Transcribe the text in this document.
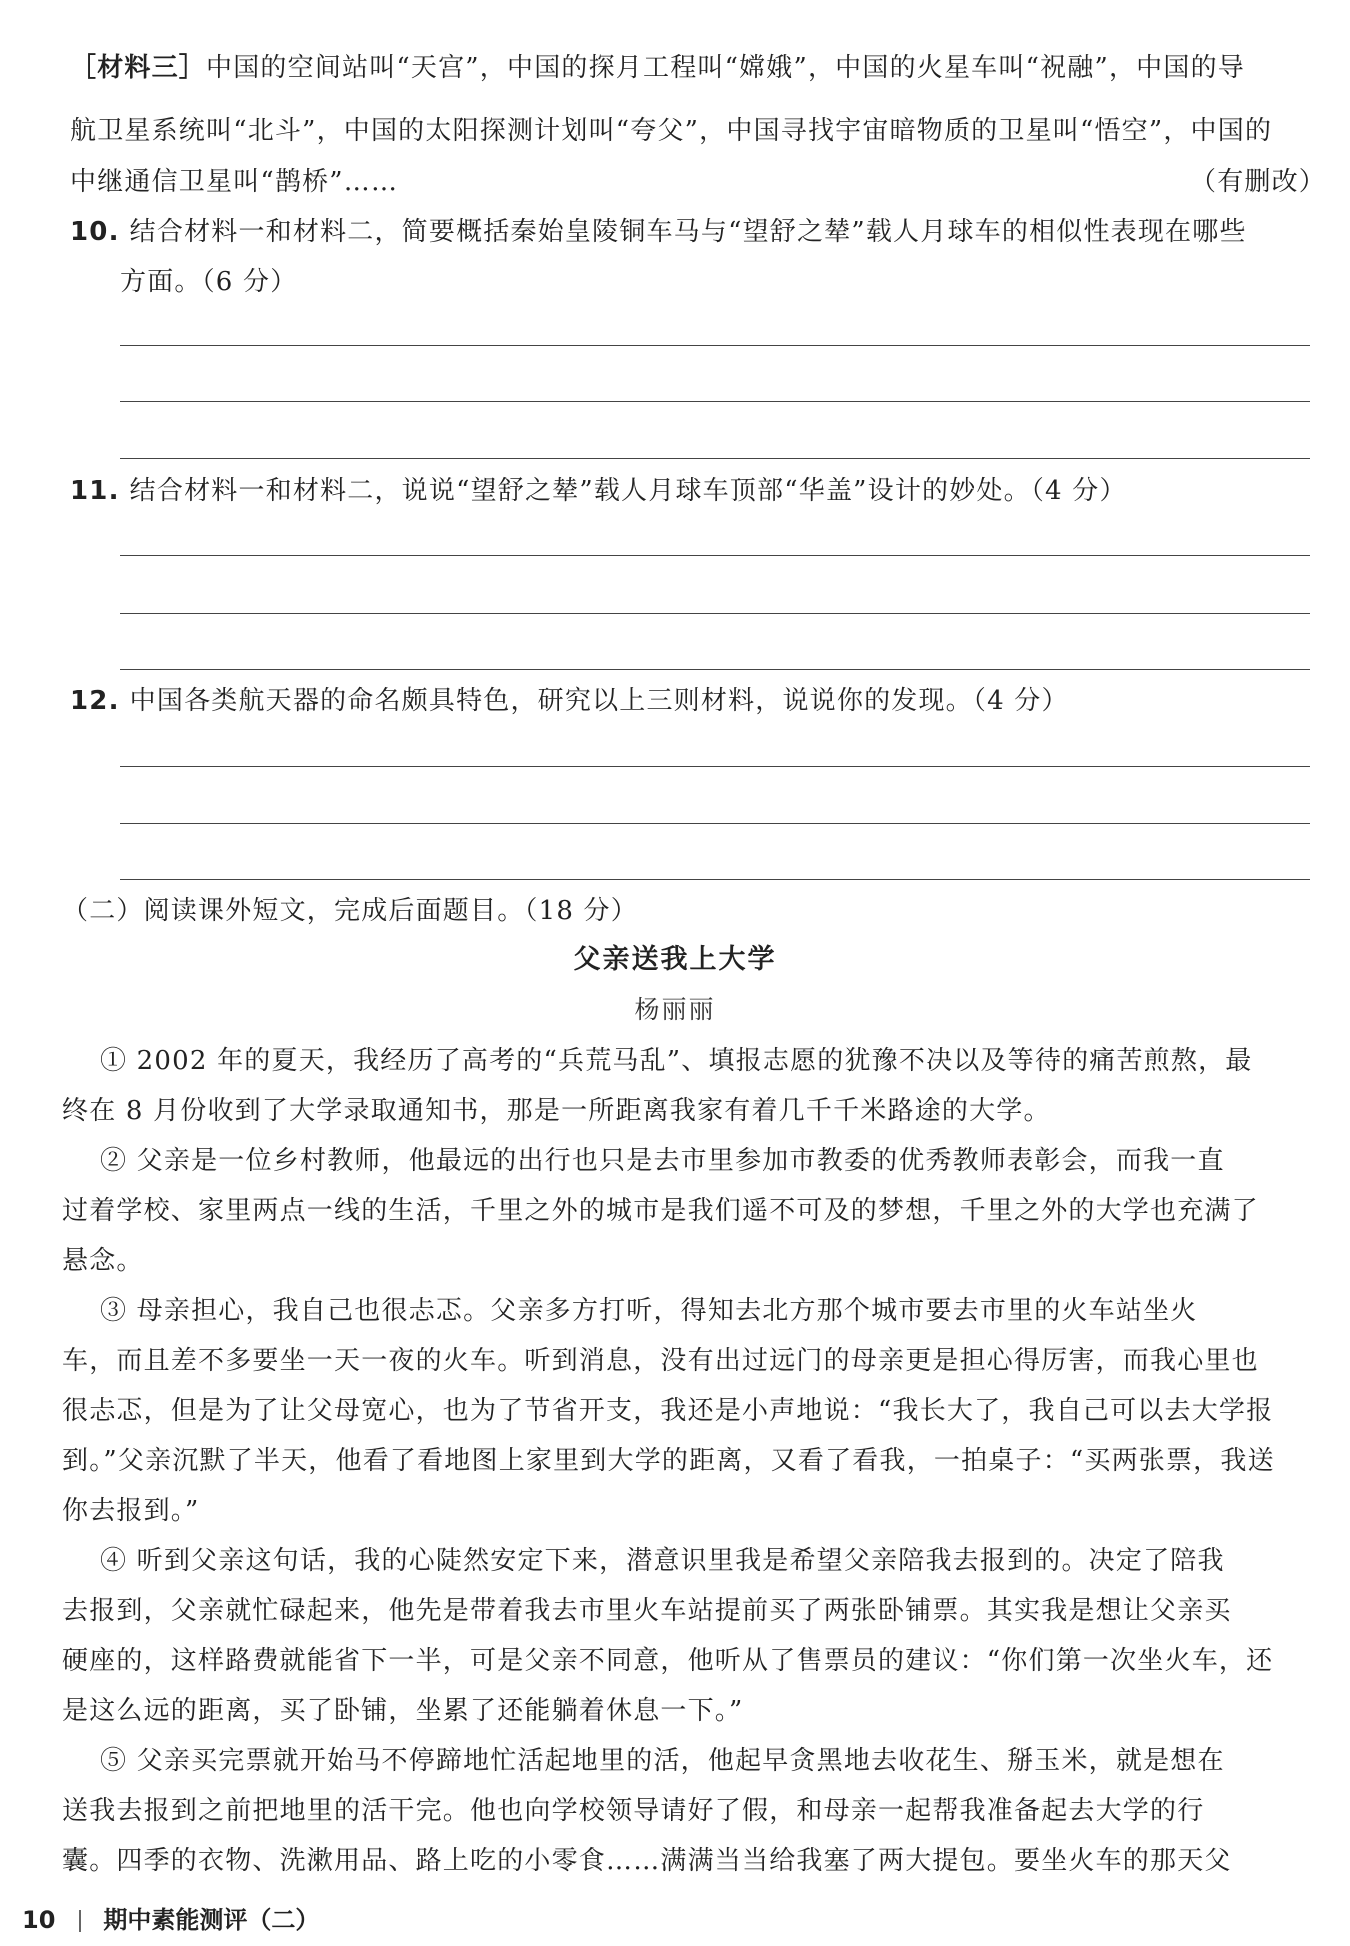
［材料三］中国的空间站叫“天宫”，中国的探月工程叫“嫦娥”，中国的火星车叫“祝融”，中国的导
航卫星系统叫“北斗”，中国的太阳探测计划叫“夸父”，中国寻找宇宙暗物质的卫星叫“悟空”，中国的
中继通信卫星叫“鹊桥”……	（有删改）
10. 结合材料一和材料二，简要概括秦始皇陵铜车马与“望舒之辇”载人月球车的相似性表现在哪些
方面。（6 分）
11. 结合材料一和材料二，说说“望舒之辇”载人月球车顶部“华盖”设计的妙处。（4 分）
12. 中国各类航天器的命名颇具特色，研究以上三则材料，说说你的发现。（4 分）
（二）阅读课外短文，完成后面题目。（18 分）
父亲送我上大学
杨丽丽
① 2002 年的夏天，我经历了高考的“兵荒马乱”、填报志愿的犹豫不决以及等待的痛苦煎熬，最
终在 8 月份收到了大学录取通知书，那是一所距离我家有着几千千米路途的大学。
② 父亲是一位乡村教师，他最远的出行也只是去市里参加市教委的优秀教师表彰会，而我一直
过着学校、家里两点一线的生活，千里之外的城市是我们遥不可及的梦想，千里之外的大学也充满了
悬念。
③ 母亲担心，我自己也很忐忑。父亲多方打听，得知去北方那个城市要去市里的火车站坐火
车，而且差不多要坐一天一夜的火车。听到消息，没有出过远门的母亲更是担心得厉害，而我心里也
很忐忑，但是为了让父母宽心，也为了节省开支，我还是小声地说：“我长大了，我自己可以去大学报
到。”父亲沉默了半天，他看了看地图上家里到大学的距离，又看了看我，一拍桌子：“买两张票，我送
你去报到。”
④ 听到父亲这句话，我的心陡然安定下来，潜意识里我是希望父亲陪我去报到的。决定了陪我
去报到，父亲就忙碌起来，他先是带着我去市里火车站提前买了两张卧铺票。其实我是想让父亲买
硬座的，这样路费就能省下一半，可是父亲不同意，他听从了售票员的建议：“你们第一次坐火车，还
是这么远的距离，买了卧铺，坐累了还能躺着休息一下。”
⑤ 父亲买完票就开始马不停蹄地忙活起地里的活，他起早贪黑地去收花生、掰玉米，就是想在
送我去报到之前把地里的活干完。他也向学校领导请好了假，和母亲一起帮我准备起去大学的行
囊。四季的衣物、洗漱用品、路上吃的小零食……满满当当给我塞了两大提包。要坐火车的那天父
10 期中素能测评（二）
